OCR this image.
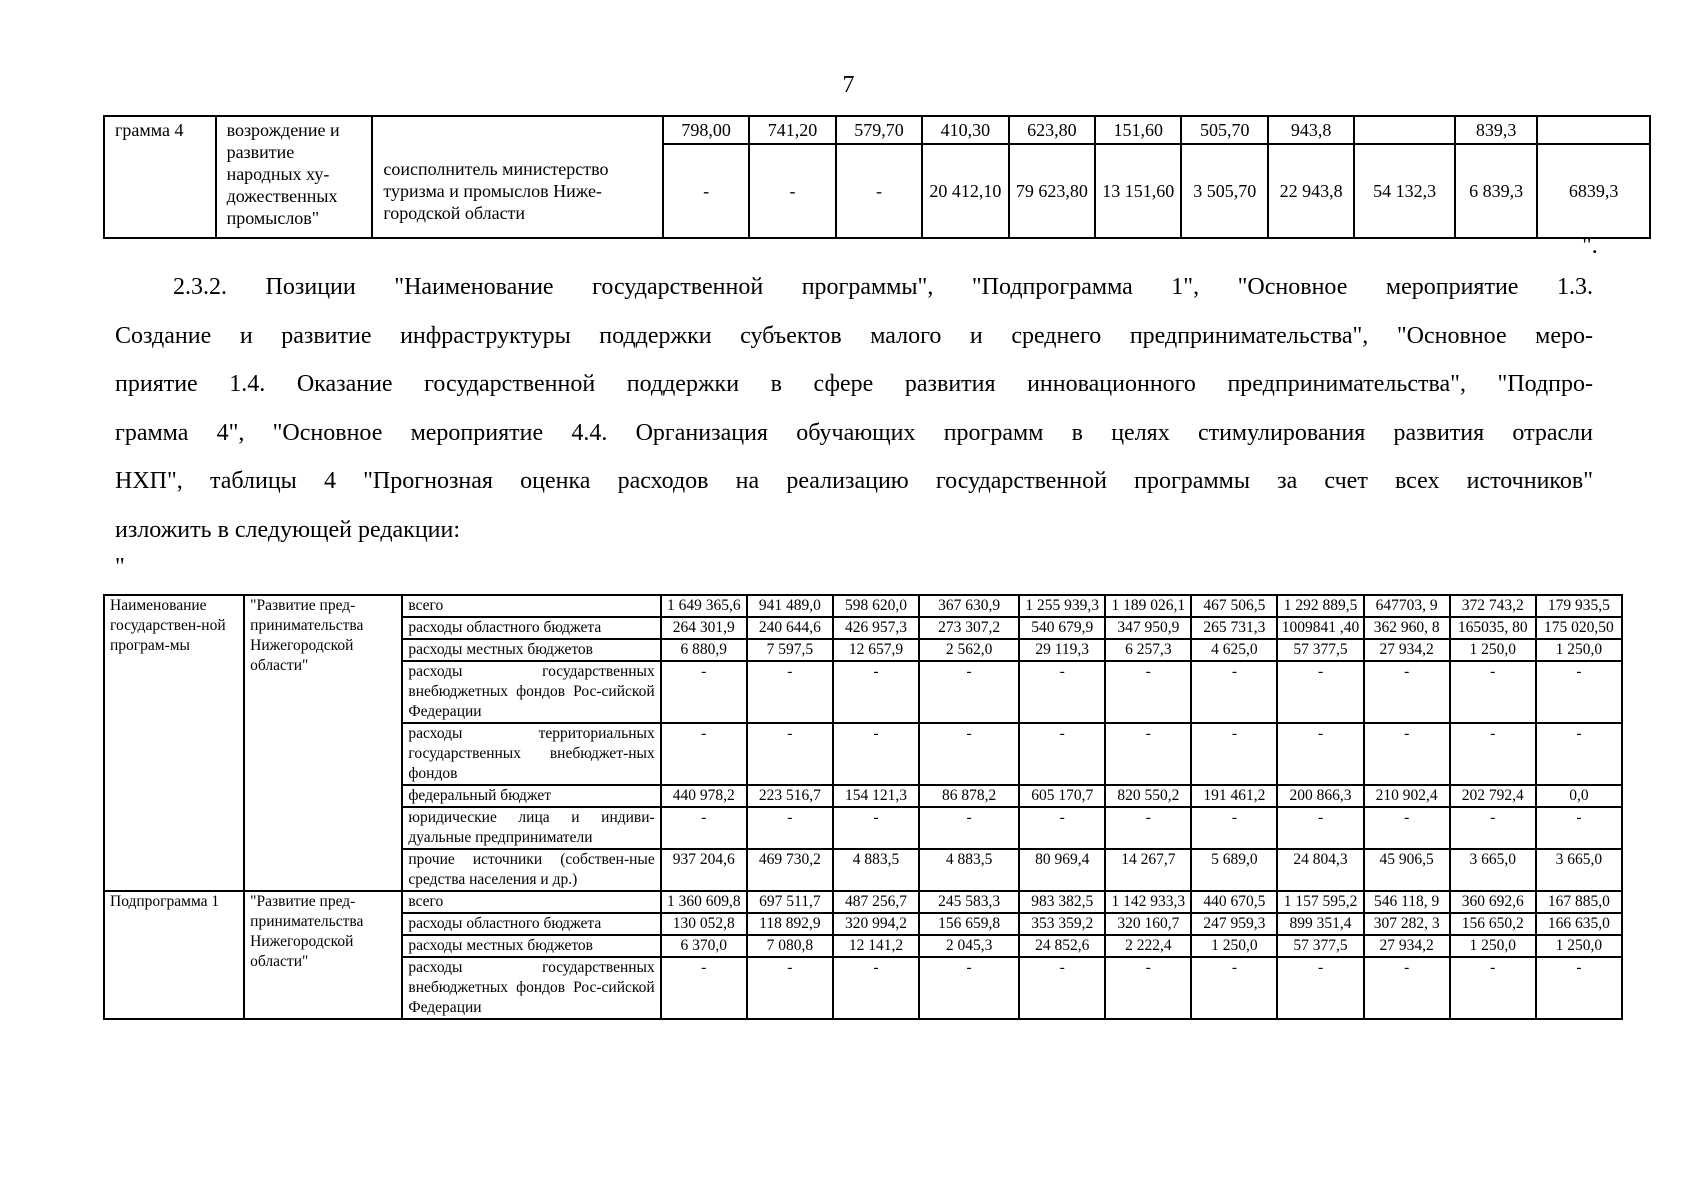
7
грамма 4	возрождение и развитие народных ху-дожественных промыслов"		798,00	741,20	579,70	410,30	623,80	151,60	505,70	943,8		839,3	
		соисполнитель министерство туризма и промыслов Ниже-городской области	-	-	-	20 412,10	79 623,80	13 151,60	3 505,70	22 943,8	54 132,3	6 839,3	6839,3
".
2.3.2. Позиции "Наименование государственной программы", "Подпрограмма 1", "Основное мероприятие 1.3.
Создание и развитие инфраструктуры поддержки субъектов малого и среднего предпринимательства", "Основное меро-
приятие 1.4. Оказание государственной поддержки в сфере развития инновационного предпринимательства", "Подпро-
грамма 4", "Основное мероприятие 4.4. Организация обучающих программ в целях стимулирования развития отрасли
НХП", таблицы 4 "Прогнозная оценка расходов на реализацию государственной программы за счет всех источников"
изложить в следующей редакции:
"
Наименование государствен-ной програм-мы	"Развитие пред-принимательства Нижегородской области"	всего	1 649 365,6	941 489,0	598 620,0	367 630,9	1 255 939,3	1 189 026,1	467 506,5	1 292 889,5	647703, 9	372 743,2	179 935,5
		расходы областного бюджета	264 301,9	240 644,6	426 957,3	273 307,2	540 679,9	347 950,9	265 731,3	1009841 ,40	362 960, 8	165035, 80	175 020,50
		расходы местных бюджетов	6 880,9	7 597,5	12 657,9	2 562,0	29 119,3	6 257,3	4 625,0	57 377,5	27 934,2	1 250,0	1 250,0
		расходы государственных внебюджетных фондов Рос-сийской Федерации	-	-	-	-	-	-	-	-	-	-	-
		расходы территориальных государственных внебюджет-ных фондов	-	-	-	-	-	-	-	-	-	-	-
		федеральный бюджет	440 978,2	223 516,7	154 121,3	86 878,2	605 170,7	820 550,2	191 461,2	200 866,3	210 902,4	202 792,4	0,0
		юридические лица и индиви-дуальные предприниматели	-	-	-	-	-	-	-	-	-	-	-
		прочие источники (собствен-ные средства населения и др.)	937 204,6	469 730,2	4 883,5	4 883,5	80 969,4	14 267,7	5 689,0	24 804,3	45 906,5	3 665,0	3 665,0
Подпрограмма 1	"Развитие пред-принимательства Нижегородской области"	всего	1 360 609,8	697 511,7	487 256,7	245 583,3	983 382,5	1 142 933,3	440 670,5	1 157 595,2	546 118, 9	360 692,6	167 885,0
		расходы областного бюджета	130 052,8	118 892,9	320 994,2	156 659,8	353 359,2	320 160,7	247 959,3	899 351,4	307 282, 3	156 650,2	166 635,0
		расходы местных бюджетов	6 370,0	7 080,8	12 141,2	2 045,3	24 852,6	2 222,4	1 250,0	57 377,5	27 934,2	1 250,0	1 250,0
		расходы государственных внебюджетных фондов Рос-сийской Федерации	-	-	-	-	-	-	-	-	-	-	-
